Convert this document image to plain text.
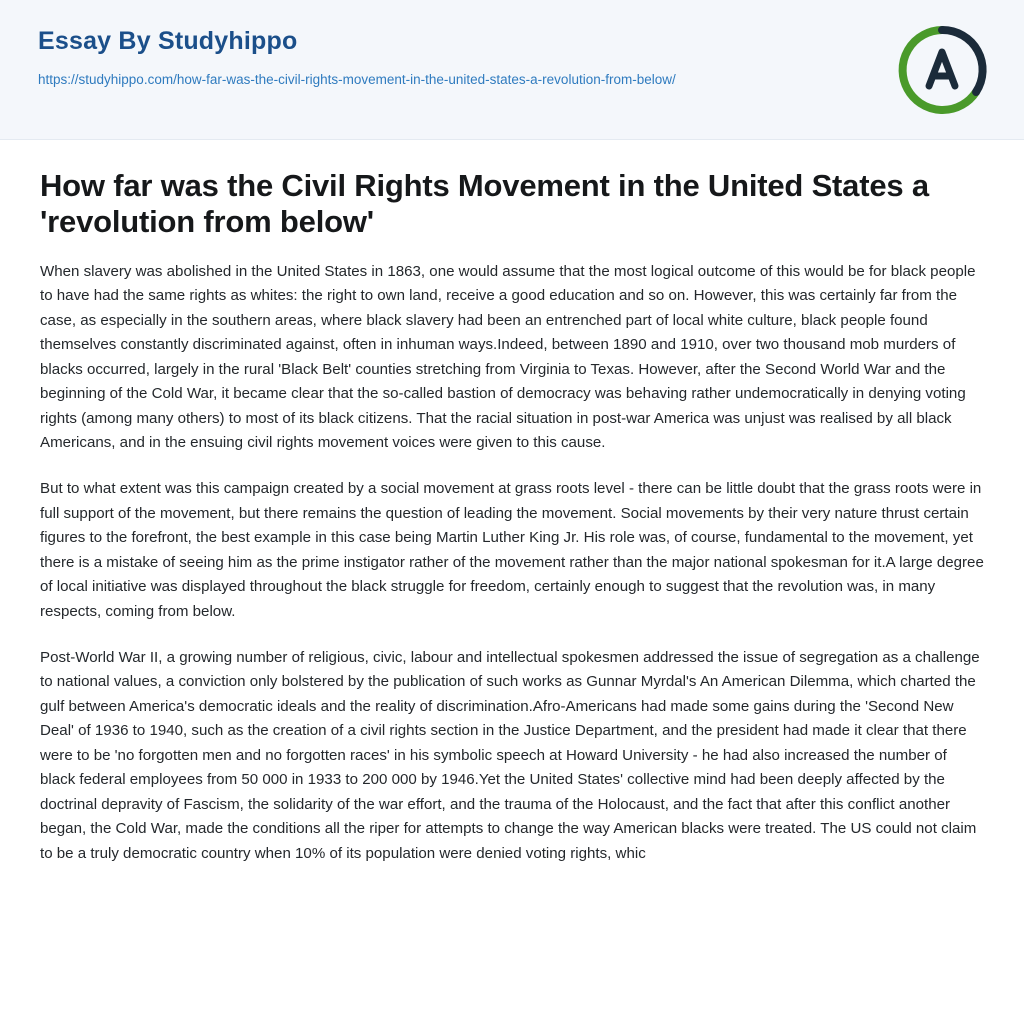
Essay By Studyhippo
https://studyhippo.com/how-far-was-the-civil-rights-movement-in-the-united-states-a-revolution-from-below/
How far was the Civil Rights Movement in the United States a 'revolution from below'

When slavery was abolished in the United States in 1863, one would assume that the most logical outcome of this would be for black people to have had the same rights as whites: the right to own land, receive a good education and so on. However, this was certainly far from the case, as especially in the southern areas, where black slavery had been an entrenched part of local white culture, black people found themselves constantly discriminated against, often in inhuman ways.Indeed, between 1890 and 1910, over two thousand mob murders of blacks occurred, largely in the rural 'Black Belt' counties stretching from Virginia to Texas. However, after the Second World War and the beginning of the Cold War, it became clear that the so-called bastion of democracy was behaving rather undemocratically in denying voting rights (among many others) to most of its black citizens. That the racial situation in post-war America was unjust was realised by all black Americans, and in the ensuing civil rights movement voices were given to this cause.

But to what extent was this campaign created by a social movement at grass roots level - there can be little doubt that the grass roots were in full support of the movement, but there remains the question of leading the movement. Social movements by their very nature thrust certain figures to the forefront, the best example in this case being Martin Luther King Jr. His role was, of course, fundamental to the movement, yet there is a mistake of seeing him as the prime instigator rather of the movement rather than the major national spokesman for it.A large degree of local initiative was displayed throughout the black struggle for freedom, certainly enough to suggest that the revolution was, in many respects, coming from below.

Post-World War II, a growing number of religious, civic, labour and intellectual spokesmen addressed the issue of segregation as a challenge to national values, a conviction only bolstered by the publication of such works as Gunnar Myrdal's An American Dilemma, which charted the gulf between America's democratic ideals and the reality of discrimination.Afro-Americans had made some gains during the 'Second New Deal' of 1936 to 1940, such as the creation of a civil rights section in the Justice Department, and the president had made it clear that there were to be 'no forgotten men and no forgotten races' in his symbolic speech at Howard University - he had also increased the number of black federal employees from 50 000 in 1933 to 200 000 by 1946.Yet the United States' collective mind had been deeply affected by the doctrinal depravity of Fascism, the solidarity of the war effort, and the trauma of the Holocaust, and the fact that after this conflict another began, the Cold War, made the conditions all the riper for attempts to change the way American blacks were treated. The US could not claim to be a truly democratic country when 10% of its population were denied voting rights, whic
